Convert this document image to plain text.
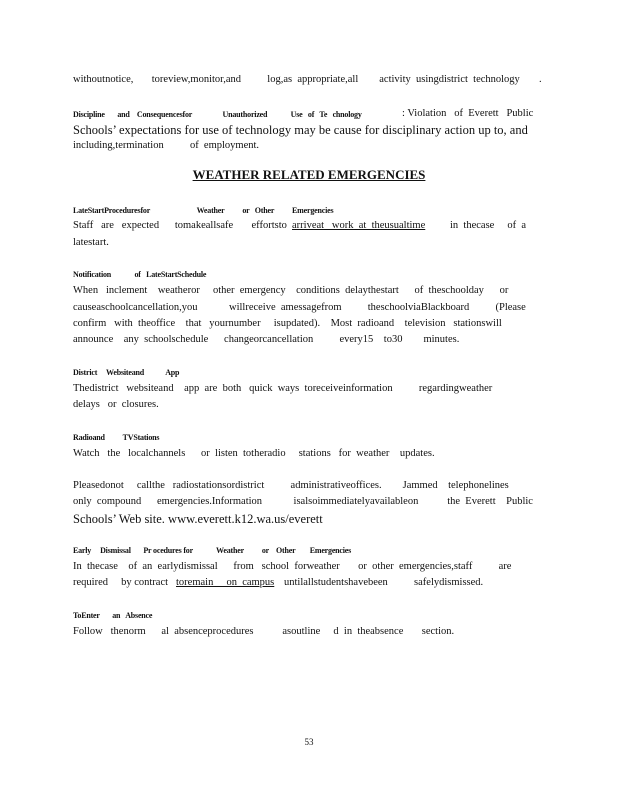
withoutnotice,       toreview,monitor,and          log,as  appropriate,all        activity  usingdistrict  technology .
Discipline       and    Consequencesfor                 Unauthorized             Use   of   Te   chnology	: Violation   of  Everett   Public
Schools’ expectations for use of technology may be cause for disciplinary action up to, and
including,termination          of  employment.
WEATHER RELATED EMERGENCIES
LateStartProceduresfor                          Weather          or   Other          Emergencies
Staff   are   expected      tomakeallsafe       effortsto arriveat   work  at  theusualtime	in  thecase     of  a
latestart.
Notification             of   LateStartSchedule
When   inclement    weatheror     other  emergency    conditions  delaythestart      of  theschoolday      or
causeaschoolcancellation,you            willreceive  amessagefrom          theschoolviaBlackboard          (Please
confirm   with  theoffice    that   yournumber     isupdated).    Most  radioand    television   stationswill
announce    any  schoolschedule      changeorcancellation          every15    to30        minutes.
District     Websiteand            App
Thedistrict   websiteand    app  are  both   quick  ways  toreceiveinformation          regardingweather
delays   or  closures.
Radioand          TVStations
Watch   the   localchannels      or  listen  totheradio     stations   for  weather    updates.
Pleasedonot     callthe   radiostationsordistrict          administrativeoffices.        Jammed    telephonelines
only  compound      emergencies.Information            isalsoimmediatelyavailableon           the  Everett    Public
Schools’ Web site. www.everett.k12.wa.us/everett
Early     Dismissal       Pr ocedures for             Weather          or    Other        Emergencies
In  thecase    of  an  earlydismissal      from   school  forweather       or  other  emergencies,staff          are
required     by contract toremain     on  campus untilallstudentshavebeen          safelydismissed.
ToEnter       an   Absence
Follow   thenorm      al  absenceprocedures           asoutline     d  in  theabsence       section.
53
